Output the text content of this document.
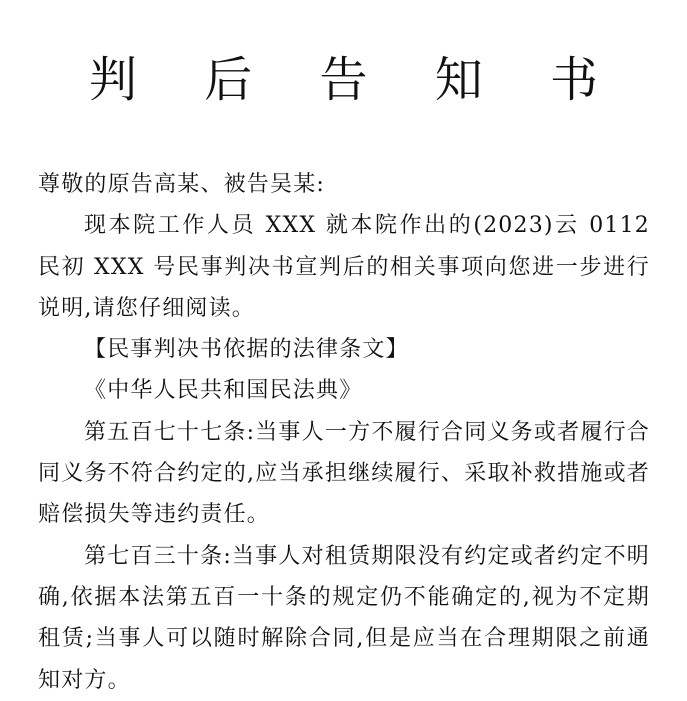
判 后 告 知 书

尊敬的原告高某、被告吴某:

现本院工作人员 XXX 就本院作出的(2023)云 0112 民初 XXX 号民事判决书宣判后的相关事项向您进一步进行说明,请您仔细阅读。

【民事判决书依据的法律条文】

《中华人民共和国民法典》

第五百七十七条:当事人一方不履行合同义务或者履行合同义务不符合约定的,应当承担继续履行、采取补救措施或者赔偿损失等违约责任。

第七百三十条:当事人对租赁期限没有约定或者约定不明确,依据本法第五百一十条的规定仍不能确定的,视为不定期租赁;当事人可以随时解除合同,但是应当在合理期限之前通知对方。
